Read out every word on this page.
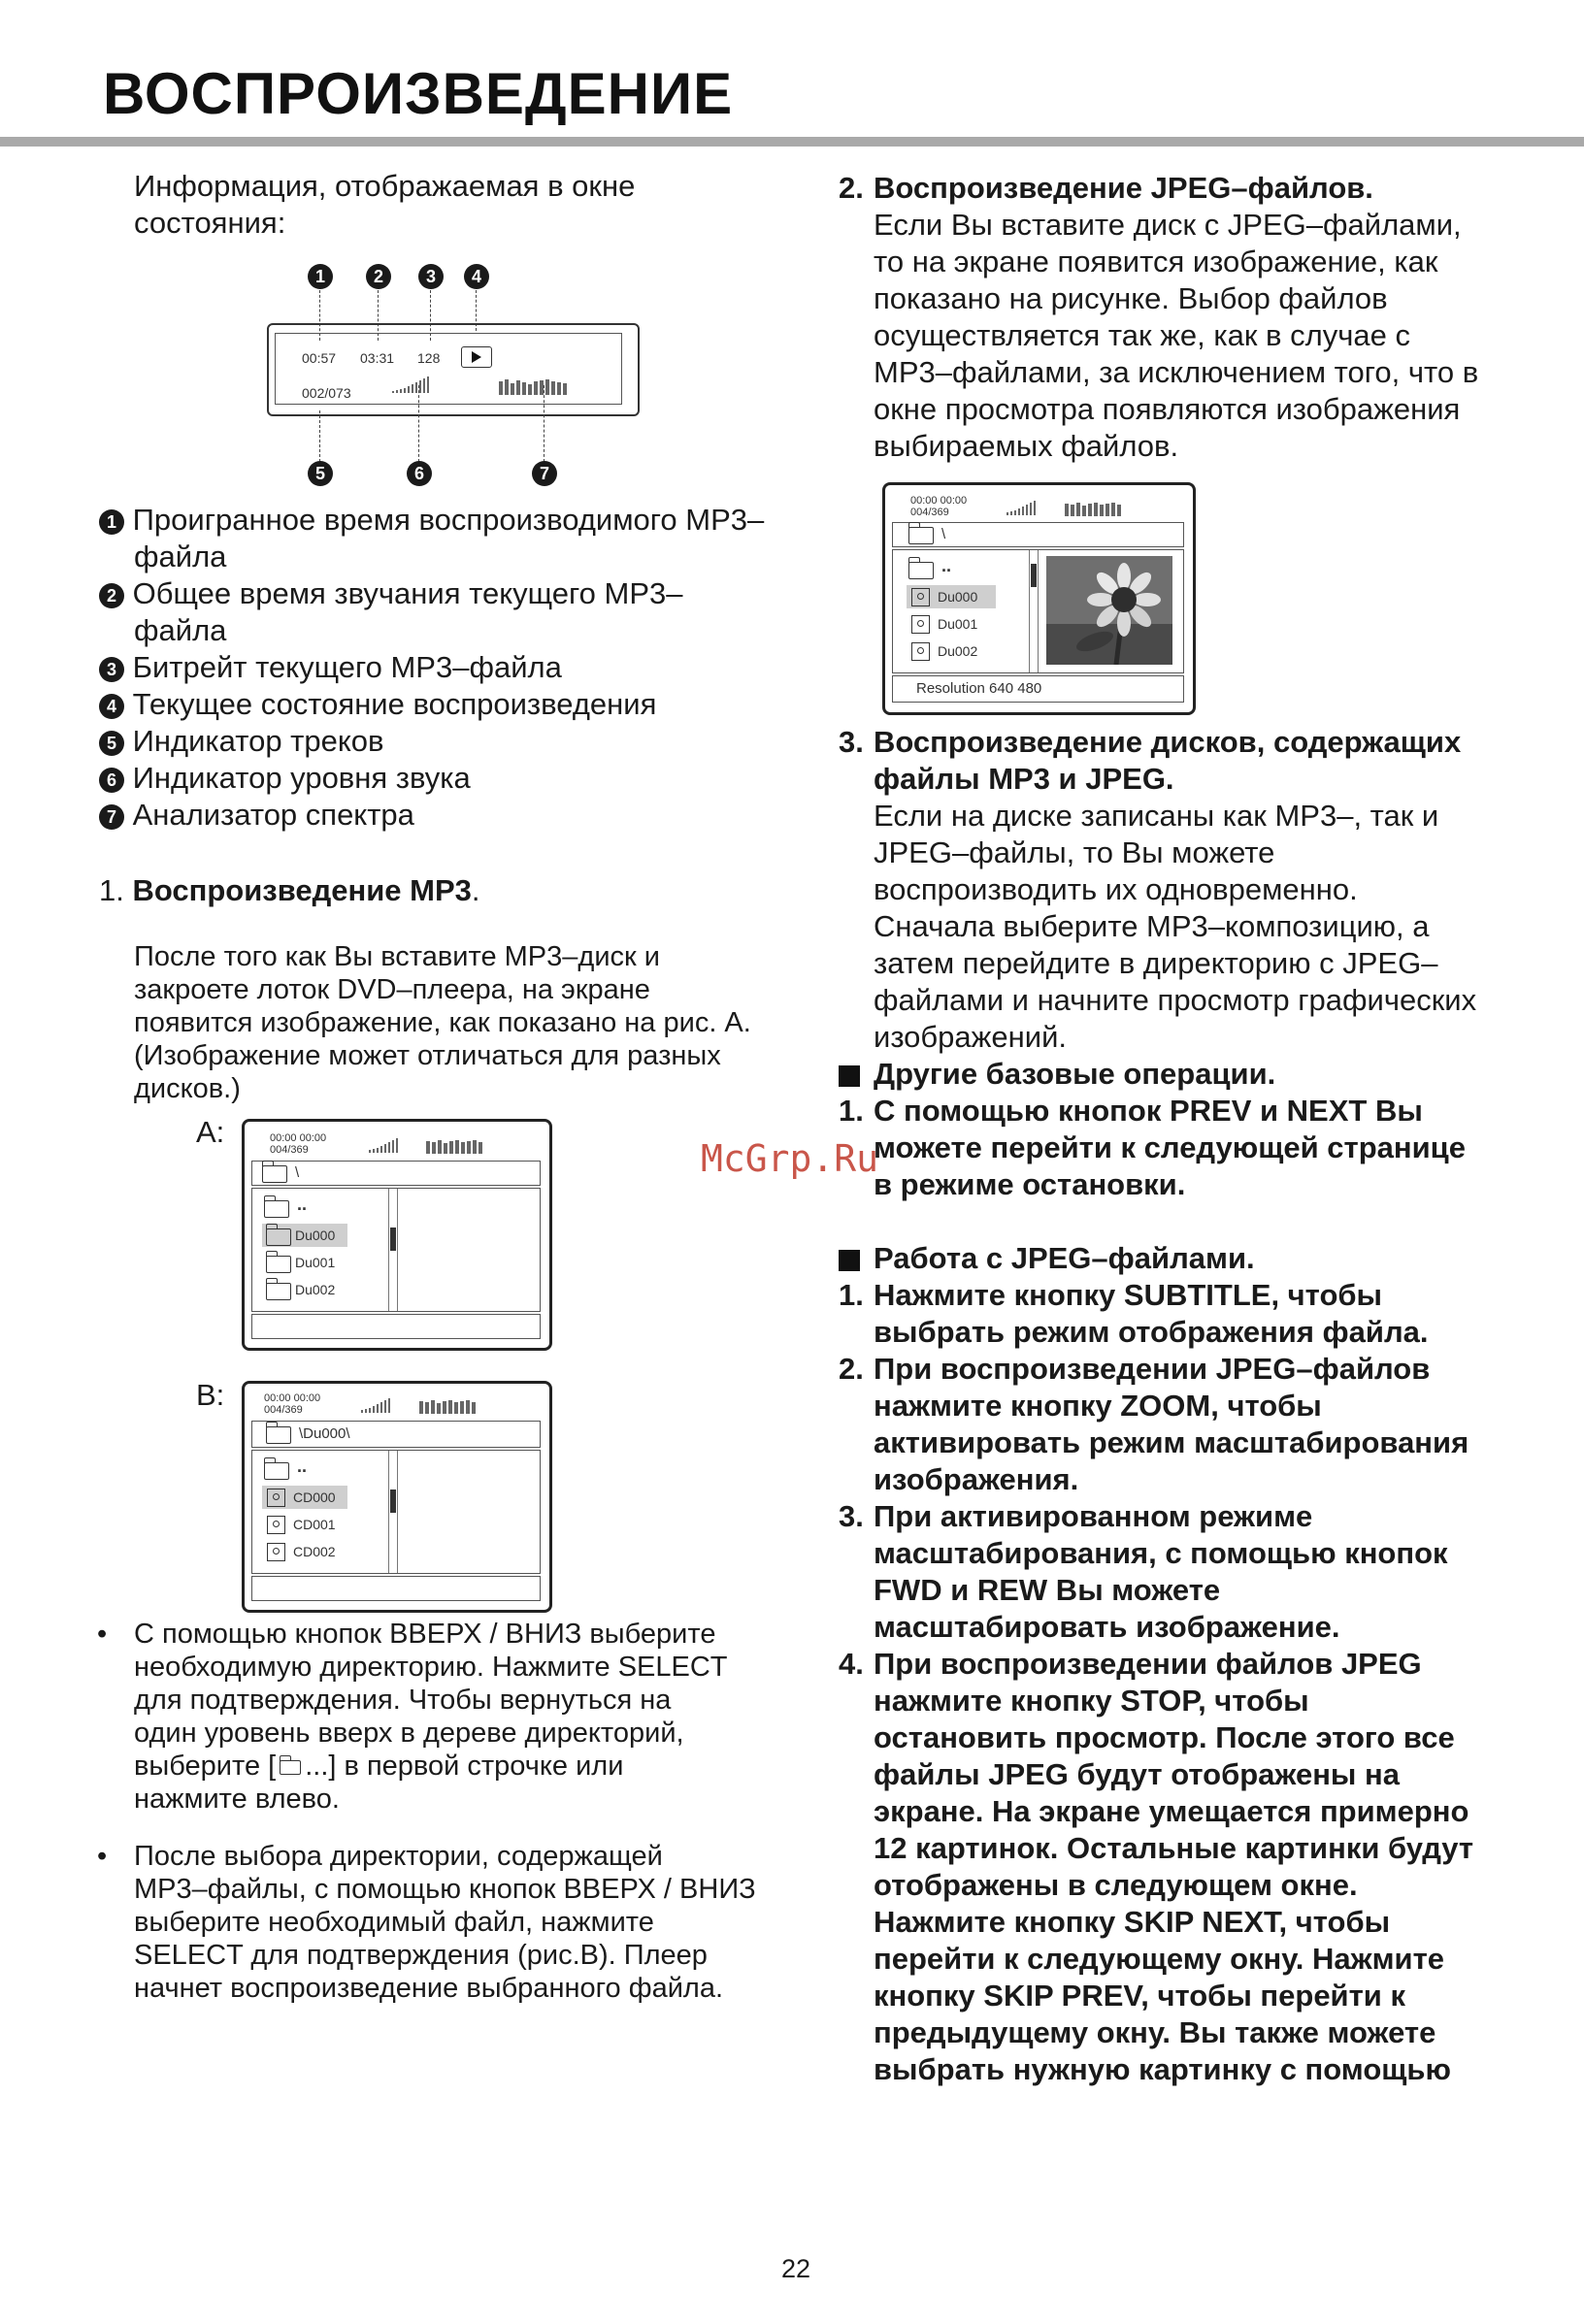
ВОСПРОИЗВЕДЕНИЕ
Информация, отображаемая в окне
состояния:
1	2	3	4
00:57 03:31 128
002/073
5	6	7
1 Проигранное время воспроизводимого MP3–
файла
2 Общее время звучания текущего MP3–
файла
3 Битрейт текущего MP3–файла
4 Текущее состояние воспроизведения
5 Индикатор треков
6 Индикатор уровня звука
7 Анализатор спектра
1. Воспроизведение MP3.
После того как Вы вставите MP3–диск и
закроете лоток DVD–плеера, на экране
появится изображение, как показано на рис. А.
(Изображение может отличаться для разных
дисков.)
A:	00:00 00:00
004/369
\
..
Du000
Du001
Du002
B:	00:00 00:00
004/369
\Du000\
..
CD000
CD001
CD002
• С помощью кнопок ВВЕРХ / ВНИЗ выберите
необходимую директорию. Нажмите SELECT
для подтверждения. Чтобы вернуться на
один уровень вверх в дереве директорий,
выберите [ ...] в первой строчке или
нажмите влево.
• После выбора директории, содержащей
MP3–файлы, с помощью кнопок ВВЕРХ / ВНИЗ
выберите необходимый файл, нажмите
SELECT для подтверждения (рис.В). Плеер
начнет воспроизведение выбранного файла.
2. Воспроизведение JPEG–файлов.
Если Вы вставите диск с JPEG–файлами,
то на экране появится изображение, как
показано на рисунке. Выбор файлов
осуществляется так же, как в случае с
MP3–файлами, за исключением того, что в
окне просмотра появляются изображения
выбираемых файлов.
00:00 00:00
004/369
\
..
Du000
Du001
Du002
Resolution 640 480
3. Воспроизведение дисков, содержащих
файлы MP3 и JPEG.
Если на диске записаны как MP3–, так и
JPEG–файлы, то Вы можете
воспроизводить их одновременно.
Сначала выберите MP3–композицию, а
затем перейдите в директорию с JPEG–
файлами и начните просмотр графических
изображений.
Другие базовые операции.
1. С помощью кнопок PREV и NEXT Вы
можете перейти к следующей странице
в режиме остановки.
McGrp.Ru
Работа с JPEG–файлами.
1. Нажмите кнопку SUBTITLE, чтобы
выбрать режим отображения файла.
2. При воспроизведении JPEG–файлов
нажмите кнопку ZOOM, чтобы
активировать режим масштабирования
изображения.
3. При активированном режиме
масштабирования, с помощью кнопок
FWD и REW Вы можете
масштабировать изображение.
4. При воспроизведении файлов JPEG
нажмите кнопку STOP, чтобы
остановить просмотр. После этого все
файлы JPEG будут отображены на
экране. На экране умещается примерно
12 картинок. Остальные картинки будут
отображены в следующем окне.
Нажмите кнопку SKIP NEXT, чтобы
перейти к следующему окну. Нажмите
кнопку SKIP PREV, чтобы перейти к
предыдущему окну. Вы также можете
выбрать нужную картинку с помощью
22
